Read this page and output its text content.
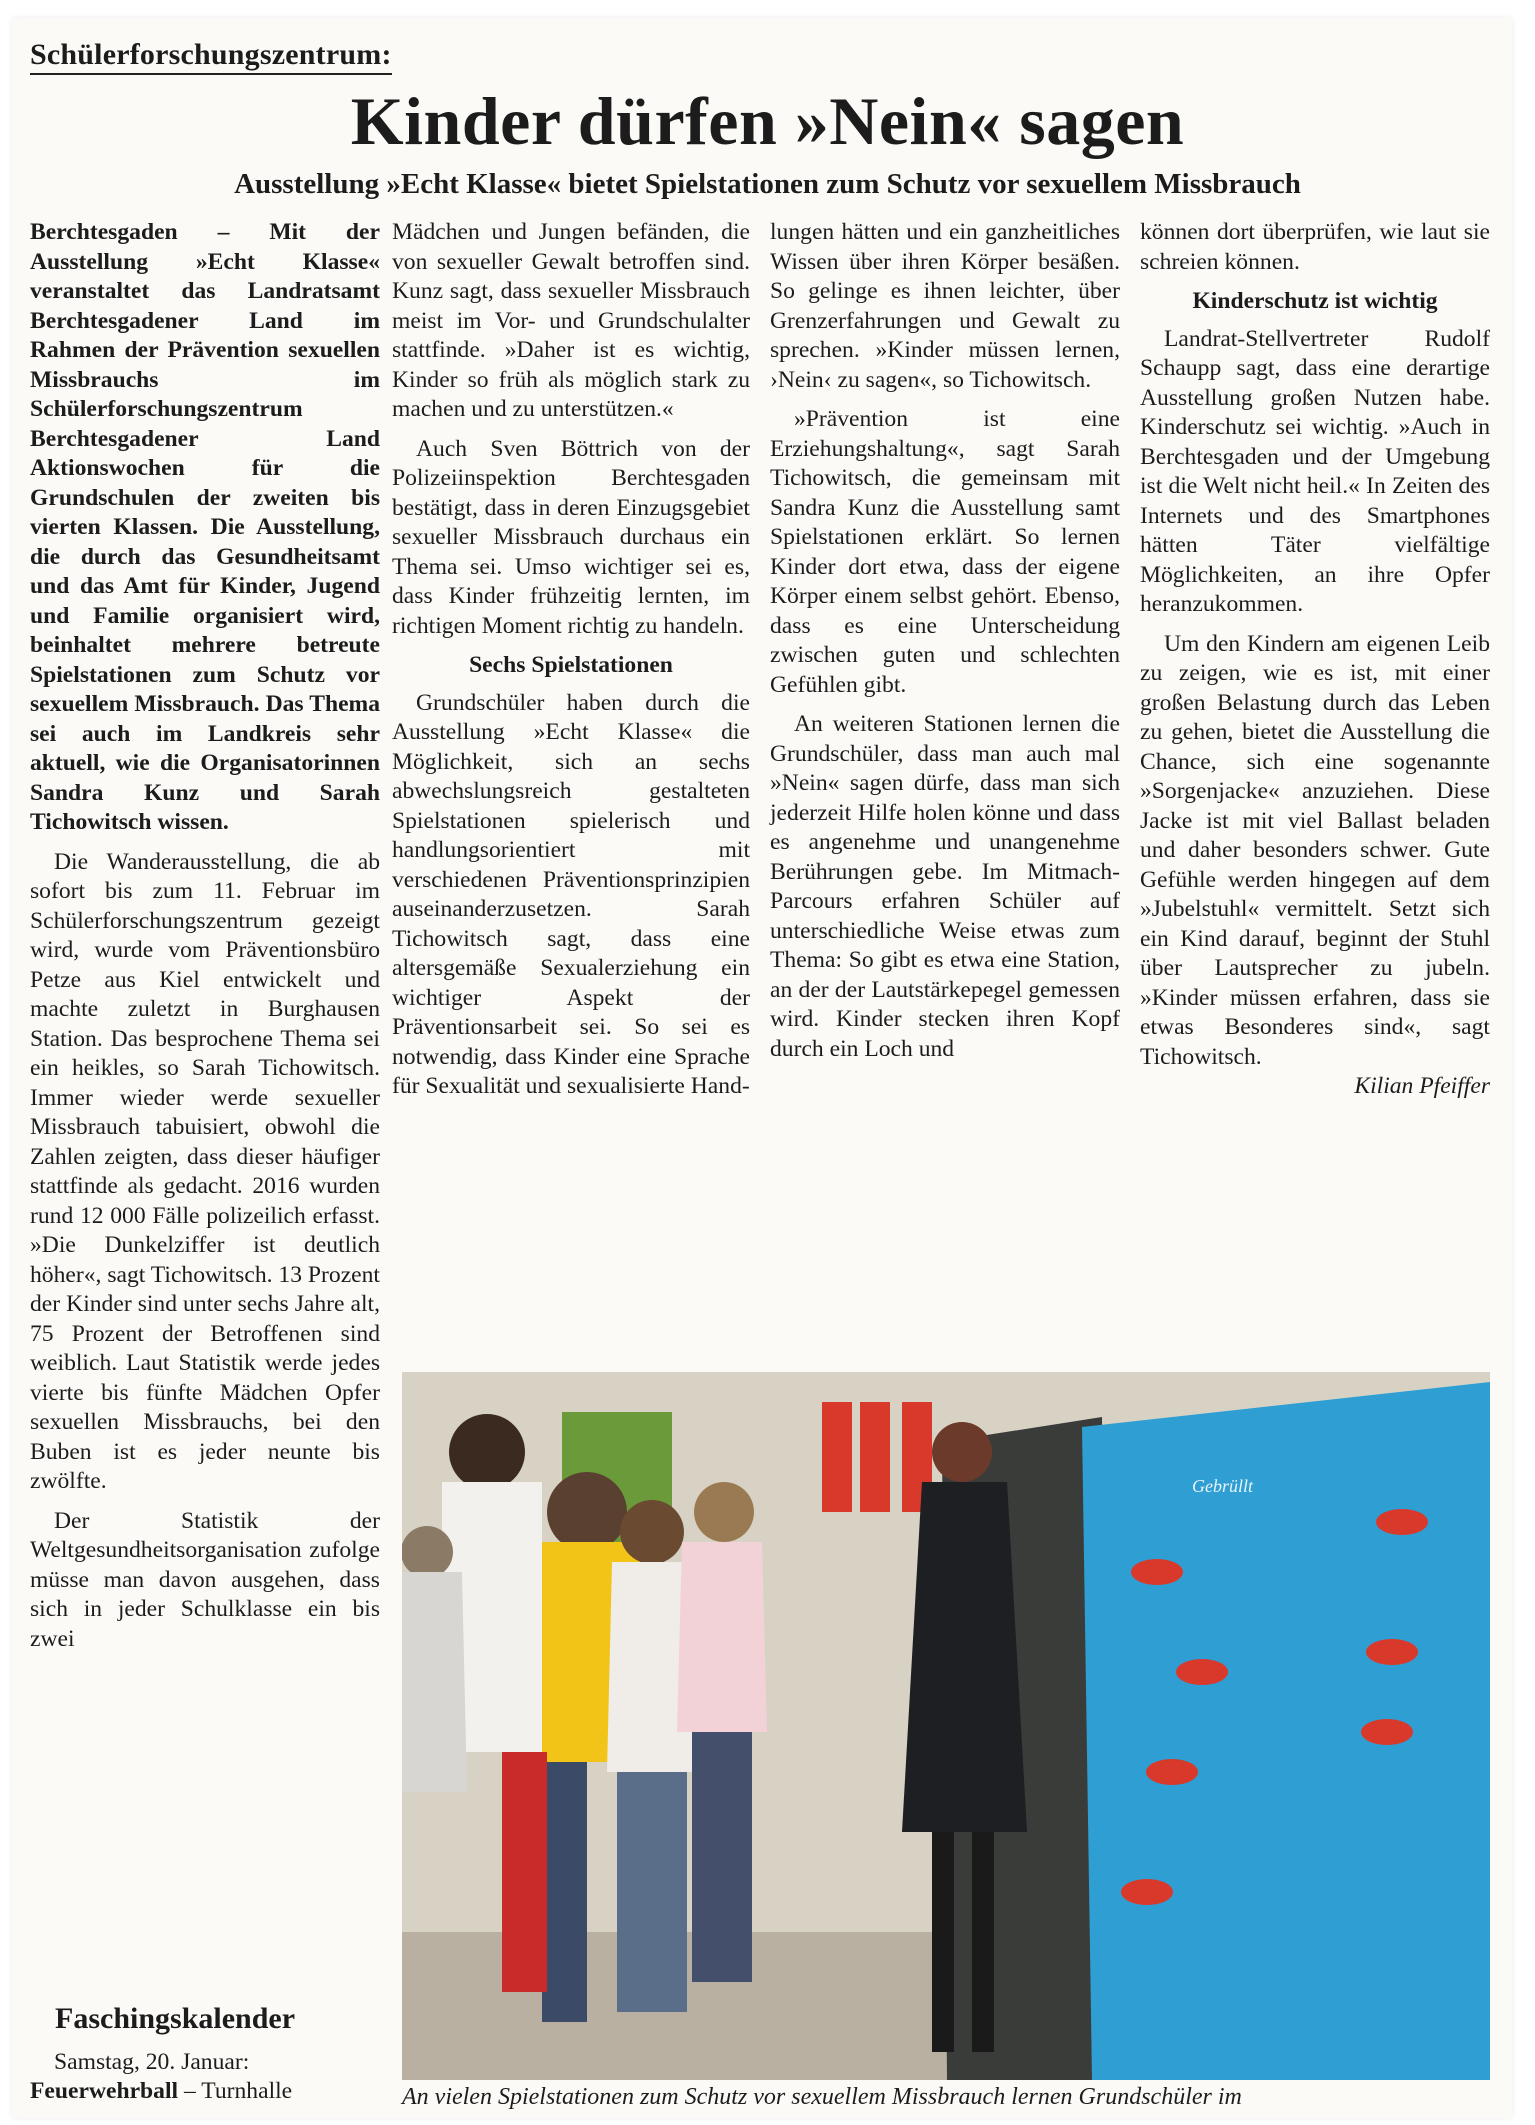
Schülerforschungszentrum:
Kinder dürfen »Nein« sagen
Ausstellung »Echt Klasse« bietet Spielstationen zum Schutz vor sexuellem Missbrauch

Berchtesgaden – Mit der Ausstellung »Echt Klasse« veranstaltet das Landratsamt Berchtesgadener Land im Rahmen der Prävention sexuellen Missbrauchs im Schülerforschungszentrum Berchtesgadener Land Aktionswochen für die Grundschulen der zweiten bis vierten Klassen. Die Ausstellung, die durch das Gesundheitsamt und das Amt für Kinder, Jugend und Familie organisiert wird, beinhaltet mehrere betreute Spielstationen zum Schutz vor sexuellem Missbrauch. Das Thema sei auch im Landkreis sehr aktuell, wie die Organisatorinnen Sandra Kunz und Sarah Tichowitsch wissen.

Die Wanderausstellung, die ab sofort bis zum 11. Februar im Schülerforschungszentrum gezeigt wird, wurde vom Präventionsbüro Petze aus Kiel entwickelt und machte zuletzt in Burghausen Station. Das besprochene Thema sei ein heikles, so Sarah Tichowitsch. Immer wieder werde sexueller Missbrauch tabuisiert, obwohl die Zahlen zeigten, dass dieser häufiger stattfinde als gedacht. 2016 wurden rund 12 000 Fälle polizeilich erfasst. »Die Dunkelziffer ist deutlich höher«, sagt Tichowitsch. 13 Prozent der Kinder sind unter sechs Jahre alt, 75 Prozent der Betroffenen sind weiblich. Laut Statistik werde jedes vierte bis fünfte Mädchen Opfer sexuellen Missbrauchs, bei den Buben ist es jeder neunte bis zwölfte.

Der Statistik der Weltgesundheitsorganisation zufolge müsse man davon ausgehen, dass sich in jeder Schulklasse ein bis zwei

Mädchen und Jungen befänden, die von sexueller Gewalt betroffen sind. Kunz sagt, dass sexueller Missbrauch meist im Vor- und Grundschulalter stattfinde. »Daher ist es wichtig, Kinder so früh als möglich stark zu machen und zu unterstützen.«

Auch Sven Böttrich von der Polizeiinspektion Berchtesgaden bestätigt, dass in deren Einzugsgebiet sexueller Missbrauch durchaus ein Thema sei. Umso wichtiger sei es, dass Kinder frühzeitig lernten, im richtigen Moment richtig zu handeln.

Sechs Spielstationen

Grundschüler haben durch die Ausstellung »Echt Klasse« die Möglichkeit, sich an sechs abwechslungsreich gestalteten Spielstationen spielerisch und handlungsorientiert mit verschiedenen Präventionsprinzipien auseinanderzusetzen. Sarah Tichowitsch sagt, dass eine altersgemäße Sexualerziehung ein wichtiger Aspekt der Präventionsarbeit sei. So sei es notwendig, dass Kinder eine Sprache für Sexualität und sexualisierte Hand-

lungen hätten und ein ganzheitliches Wissen über ihren Körper besäßen. So gelinge es ihnen leichter, über Grenzerfahrungen und Gewalt zu sprechen. »Kinder müssen lernen, ›Nein‹ zu sagen«, so Tichowitsch.

»Prävention ist eine Erziehungshaltung«, sagt Sarah Tichowitsch, die gemeinsam mit Sandra Kunz die Ausstellung samt Spielstationen erklärt. So lernen Kinder dort etwa, dass der eigene Körper einem selbst gehört. Ebenso, dass es eine Unterscheidung zwischen guten und schlechten Gefühlen gibt.

An weiteren Stationen lernen die Grundschüler, dass man auch mal »Nein« sagen dürfe, dass man sich jederzeit Hilfe holen könne und dass es angenehme und unangenehme Berührungen gebe. Im Mitmach-Parcours erfahren Schüler auf unterschiedliche Weise etwas zum Thema: So gibt es etwa eine Station, an der der Lautstärkepegel gemessen wird. Kinder stecken ihren Kopf durch ein Loch und

können dort überprüfen, wie laut sie schreien können.

Kinderschutz ist wichtig

Landrat-Stellvertreter Rudolf Schaupp sagt, dass eine derartige Ausstellung großen Nutzen habe. Kinderschutz sei wichtig. »Auch in Berchtesgaden und der Umgebung ist die Welt nicht heil.« In Zeiten des Internets und des Smartphones hätten Täter vielfältige Möglichkeiten, an ihre Opfer heranzukommen.

Um den Kindern am eigenen Leib zu zeigen, wie es ist, mit einer großen Belastung durch das Leben zu gehen, bietet die Ausstellung die Chance, sich eine sogenannte »Sorgenjacke« anzuziehen. Diese Jacke ist mit viel Ballast beladen und daher besonders schwer. Gute Gefühle werden hingegen auf dem »Jubelstuhl« vermittelt. Setzt sich ein Kind darauf, beginnt der Stuhl über Lautsprecher zu jubeln. »Kinder müssen erfahren, dass sie etwas Besonderes sind«, sagt Tichowitsch.

Kilian Pfeiffer

Faschingskalender
Samstag, 20. Januar:
Feuerwehrball – Turnhalle
Gebrüllt
An vielen Spielstationen zum Schutz vor sexuellem Missbrauch lernen Grundschüler im
